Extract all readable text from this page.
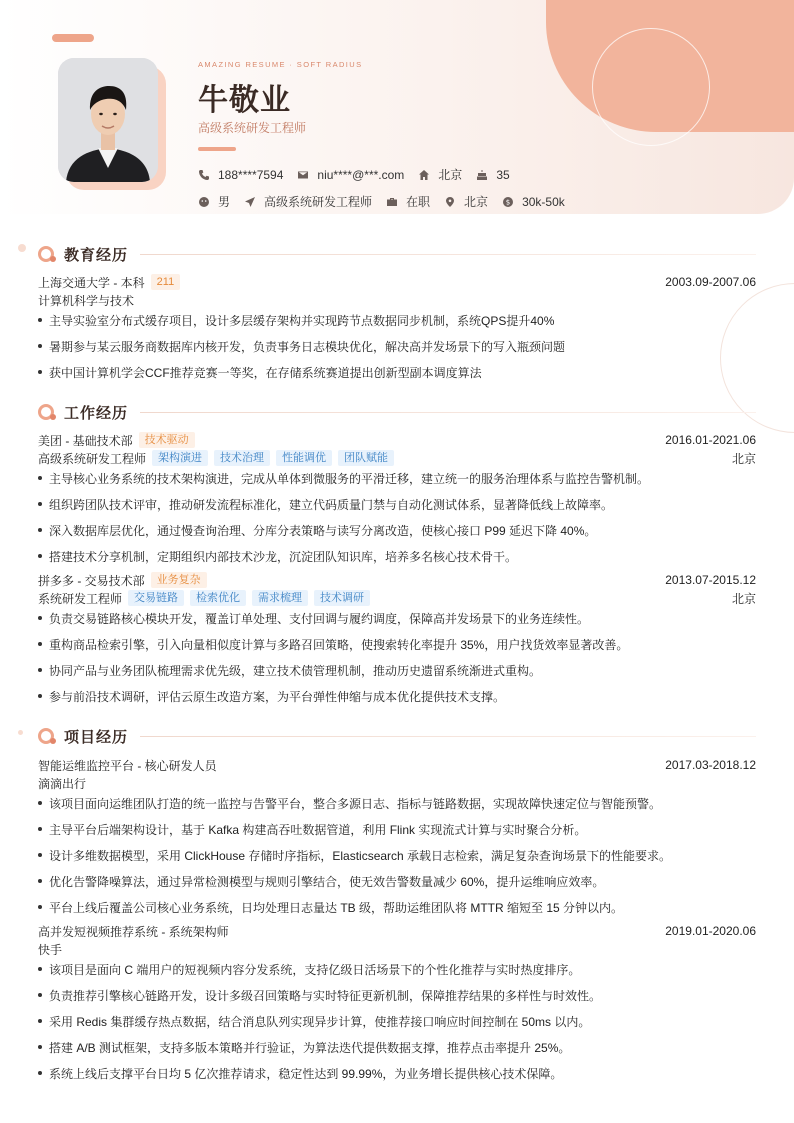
AMAZING RESUME · SOFT RADIUS
牛敬业
高级系统研发工程师
188****7594	niu****@***.com	北京	35
男	高级系统研发工程师	在职	北京	$ 30k-50k
教育经历
上海交通大学 - 本科	211	2003.09-2007.06
计算机科学与技术
主导实验室分布式缓存项目，设计多层缓存架构并实现跨节点数据同步机制，系统QPS提升40%
暑期参与某云服务商数据库内核开发，负责事务日志模块优化，解决高并发场景下的写入瓶颈问题
获中国计算机学会CCF推荐竞赛一等奖，在存储系统赛道提出创新型副本调度算法
工作经历
美团 - 基础技术部	技术驱动	2016.01-2021.06
高级系统研发工程师	架构演进	技术治理	性能调优	团队赋能	北京
主导核心业务系统的技术架构演进，完成从单体到微服务的平滑迁移，建立统一的服务治理体系与监控告警机制。
组织跨团队技术评审，推动研发流程标准化，建立代码质量门禁与自动化测试体系，显著降低线上故障率。
深入数据库层优化，通过慢查询治理、分库分表策略与读写分离改造，使核心接口 P99 延迟下降 40%。
搭建技术分享机制，定期组织内部技术沙龙，沉淀团队知识库，培养多名核心技术骨干。
拼多多 - 交易技术部	业务复杂	2013.07-2015.12
系统研发工程师	交易链路	检索优化	需求梳理	技术调研	北京
负责交易链路核心模块开发，覆盖订单处理、支付回调与履约调度，保障高并发场景下的业务连续性。
重构商品检索引擎，引入向量相似度计算与多路召回策略，使搜索转化率提升 35%，用户找货效率显著改善。
协同产品与业务团队梳理需求优先级，建立技术债管理机制，推动历史遗留系统渐进式重构。
参与前沿技术调研，评估云原生改造方案，为平台弹性伸缩与成本优化提供技术支撑。
项目经历
智能运维监控平台 - 核心研发人员	2017.03-2018.12
滴滴出行
该项目面向运维团队打造的统一监控与告警平台，整合多源日志、指标与链路数据，实现故障快速定位与智能预警。
主导平台后端架构设计，基于 Kafka 构建高吞吐数据管道，利用 Flink 实现流式计算与实时聚合分析。
设计多维数据模型，采用 ClickHouse 存储时序指标，Elasticsearch 承载日志检索，满足复杂查询场景下的性能要求。
优化告警降噪算法，通过异常检测模型与规则引擎结合，使无效告警数量减少 60%，提升运维响应效率。
平台上线后覆盖公司核心业务系统，日均处理日志量达 TB 级，帮助运维团队将 MTTR 缩短至 15 分钟以内。
高并发短视频推荐系统 - 系统架构师	2019.01-2020.06
快手
该项目是面向 C 端用户的短视频内容分发系统，支持亿级日活场景下的个性化推荐与实时热度排序。
负责推荐引擎核心链路开发，设计多级召回策略与实时特征更新机制，保障推荐结果的多样性与时效性。
采用 Redis 集群缓存热点数据，结合消息队列实现异步计算，使推荐接口响应时间控制在 50ms 以内。
搭建 A/B 测试框架，支持多版本策略并行验证，为算法迭代提供数据支撑，推荐点击率提升 25%。
系统上线后支撑平台日均 5 亿次推荐请求，稳定性达到 99.99%，为业务增长提供核心技术保障。
